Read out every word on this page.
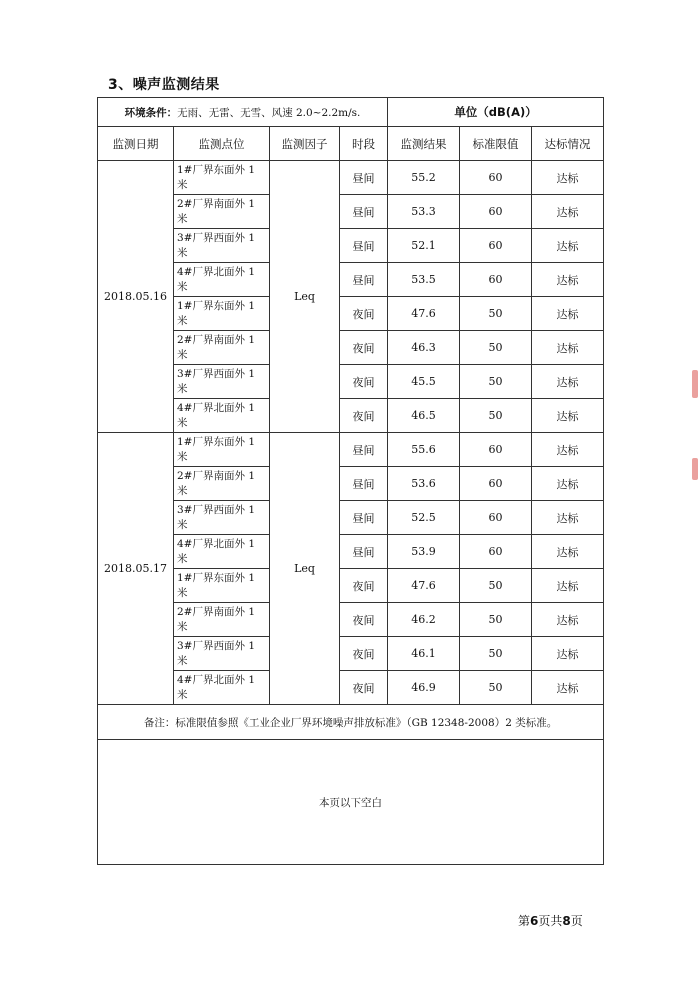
3、噪声监测结果
环境条件：无雨、无雷、无雪、风速 2.0~2.2m/s.				单位（dB(A)）		
监测日期	监测点位	监测因子	时段	监测结果	标准限值	达标情况
2018.05.16	1#厂界东面外 1
米	Leq	昼间	55.2	60	达标

	2#厂界南面外 1
米		昼间	53.3	60	达标

	3#厂界西面外 1
米		昼间	52.1	60	达标

	4#厂界北面外 1
米		昼间	53.5	60	达标

	1#厂界东面外 1
米		夜间	47.6	50	达标

	2#厂界南面外 1
米		夜间	46.3	50	达标

	3#厂界西面外 1
米		夜间	45.5	50	达标

	4#厂界北面外 1
米		夜间	46.5	50	达标
2018.05.17	1#厂界东面外 1
米	Leq	昼间	55.6	60	达标

	2#厂界南面外 1
米		昼间	53.6	60	达标

	3#厂界西面外 1
米		昼间	52.5	60	达标

	4#厂界北面外 1
米		昼间	53.9	60	达标

	1#厂界东面外 1
米		夜间	47.6	50	达标

	2#厂界南面外 1
米		夜间	46.2	50	达标

	3#厂界西面外 1
米		夜间	46.1	50	达标

	4#厂界北面外 1
米		夜间	46.9	50	达标
备注：标准限值参照《工业企业厂界环境噪声排放标准》（GB 12348-2008）2 类标准。						
本页以下空白						
第6页共8页
